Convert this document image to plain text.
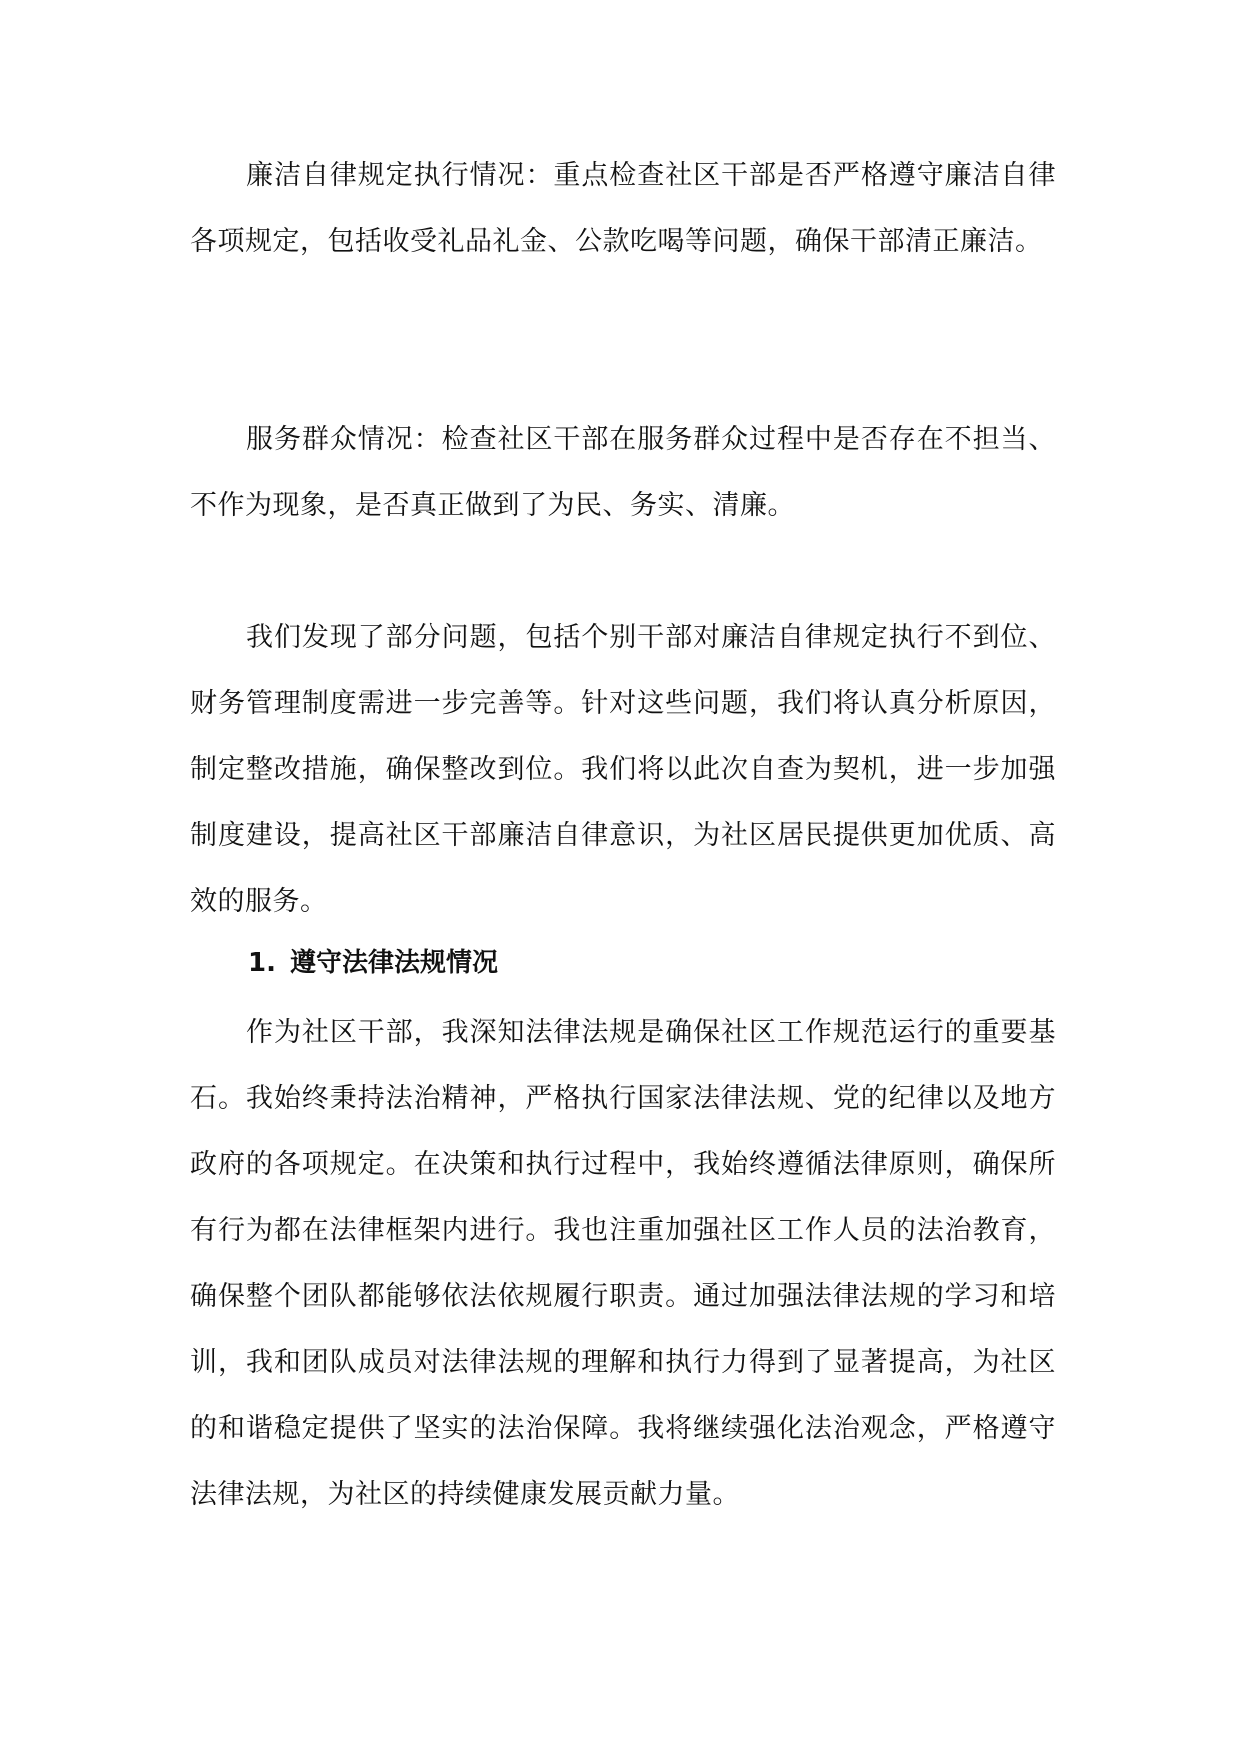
廉洁自律规定执行情况：重点检查社区干部是否严格遵守廉洁自律各项规定，包括收受礼品礼金、公款吃喝等问题，确保干部清正廉洁。

服务群众情况：检查社区干部在服务群众过程中是否存在不担当、不作为现象，是否真正做到了为民、务实、清廉。

我们发现了部分问题，包括个别干部对廉洁自律规定执行不到位、财务管理制度需进一步完善等。针对这些问题，我们将认真分析原因，制定整改措施，确保整改到位。我们将以此次自查为契机，进一步加强制度建设，提高社区干部廉洁自律意识，为社区居民提供更加优质、高效的服务。

1. 遵守法律法规情况

作为社区干部，我深知法律法规是确保社区工作规范运行的重要基石。我始终秉持法治精神，严格执行国家法律法规、党的纪律以及地方政府的各项规定。在决策和执行过程中，我始终遵循法律原则，确保所有行为都在法律框架内进行。我也注重加强社区工作人员的法治教育，确保整个团队都能够依法依规履行职责。通过加强法律法规的学习和培训，我和团队成员对法律法规的理解和执行力得到了显著提高，为社区的和谐稳定提供了坚实的法治保障。我将继续强化法治观念，严格遵守法律法规，为社区的持续健康发展贡献力量。
